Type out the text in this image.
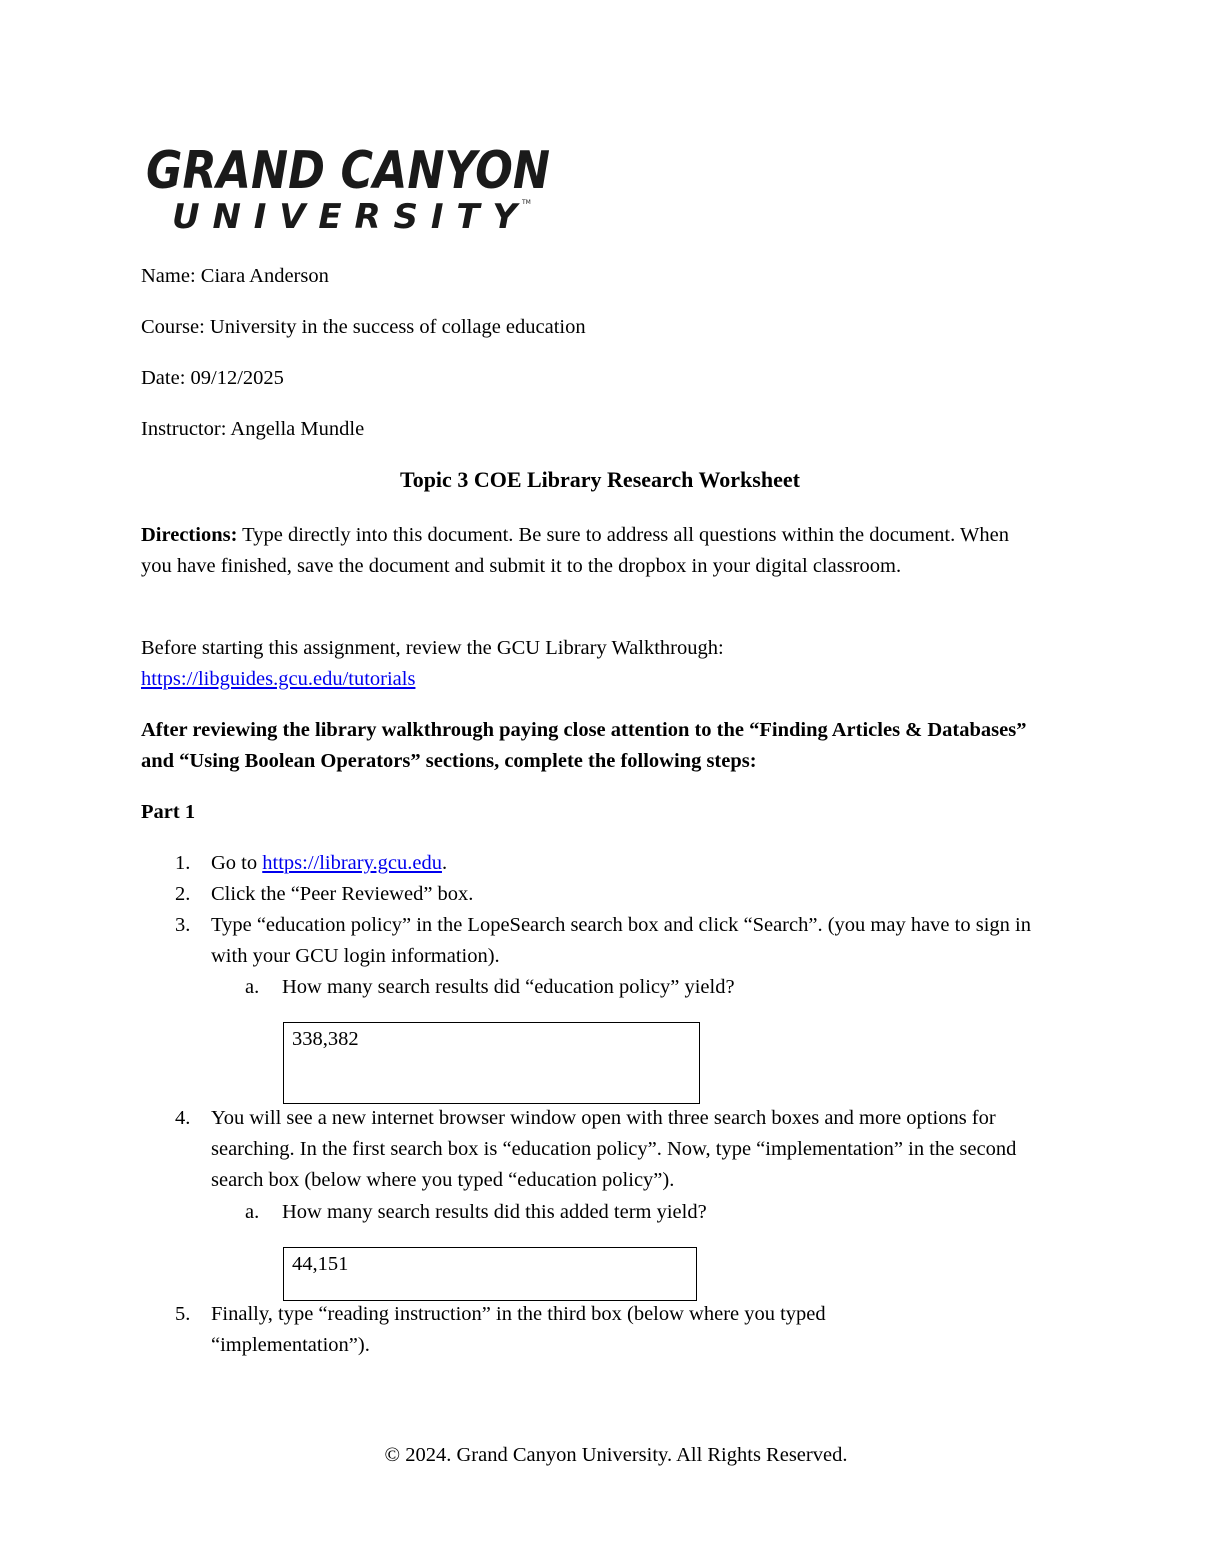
GRAND CANYON
UNIVERSITY TM

Name: Ciara Anderson

Course: University in the success of collage education

Date: 09/12/2025

Instructor: Angella Mundle

Topic 3 COE Library Research Worksheet

Directions: Type directly into this document. Be sure to address all questions within the document. When you have finished, save the document and submit it to the dropbox in your digital classroom.

Before starting this assignment, review the GCU Library Walkthrough:
https://libguides.gcu.edu/tutorials

After reviewing the library walkthrough paying close attention to the “Finding Articles & Databases” and “Using Boolean Operators” sections, complete the following steps:

Part 1

1. Go to https://library.gcu.edu.
2. Click the “Peer Reviewed” box.
3. Type “education policy” in the LopeSearch search box and click “Search”. (you may have to sign in with your GCU login information).
a. How many search results did “education policy” yield?
338,382
4. You will see a new internet browser window open with three search boxes and more options for searching. In the first search box is “education policy”. Now, type “implementation” in the second search box (below where you typed “education policy”).
a. How many search results did this added term yield?
44,151
5. Finally, type “reading instruction” in the third box (below where you typed “implementation”).

© 2024. Grand Canyon University. All Rights Reserved.
